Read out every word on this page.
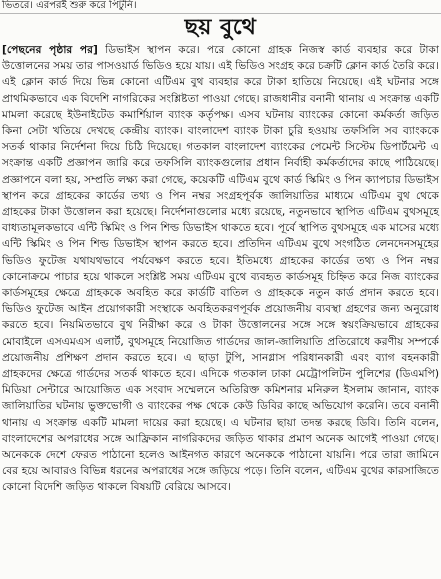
ভিতরে। এরপরই শুরু করে পিটুনি।
ছয় বুথে

[পেছনের পৃষ্ঠার পর] ডিভাইস স্থাপন করে। পরে কোনো গ্রাহক নিজস্ব কার্ড ব্যবহার করে টাকা উত্তোলনের সময় তার পাসওয়ার্ড ভিডিও হয়ে যায়। এই ভিডিও সংগ্রহ করে চক্রটি ক্লোন কার্ড তৈরি করে। এই ক্লোন কার্ড দিয়ে ভিন্ন কোনো এটিএম বুথ ব্যবহার করে টাকা হাতিয়ে নিয়েছে। এই ঘটনার সঙ্গে প্রাথমিকভাবে এক বিদেশি নাগরিকের সংশ্লিষ্টতা পাওয়া গেছে। রাজধানীর বনানী থানায় এ সংক্রান্ত একটি মামলা করেছে ইউনাইটেড কমার্শিয়াল ব্যাংক কর্তৃপক্ষ। এসব ঘটনায় ব্যাংকের কোনো কর্মকর্তা জড়িত কিনা সেটা খতিয়ে দেখছে কেন্দ্রীয় ব্যাংক। বাংলাদেশ ব্যাংক টাকা চুরি হওয়ায় তফসিলি সব ব্যাংককে সতর্ক থাকার নির্দেশনা দিয়ে চিঠি দিয়েছে। গতকাল বাংলাদেশ ব্যাংকের পেমেন্ট সিস্টেম ডিপার্টমেন্ট এ সংক্রান্ত একটি প্রজ্ঞাপন জারি করে তফসিলি ব্যাংকগুলোর প্রধান নির্বাহী কর্মকর্তাদের কাছে পাঠিয়েছে। প্রজ্ঞাপনে বলা হয়, সম্প্রতি লক্ষ্য করা গেছে, কয়েকটি এটিএম বুথে কার্ড স্কিমিং ও পিন ক্যাপচার ডিভাইস স্থাপন করে গ্রাহকের কার্ডের তথ্য ও পিন নম্বর সংগ্রহপূর্বক জালিয়াতির মাধ্যমে এটিএম বুথ থেকে গ্রাহকের টাকা উত্তোলন করা হয়েছে। নির্দেশনাগুলোর মধ্যে রয়েছে, নতুনভাবে স্থাপিত এটিএম বুথসমূহে বাধ্যতামূলকভাবে এন্টি স্কিমিং ও পিন শিল্ড ডিভাইস থাকতে হবে। পূর্বে স্থাপিত বুথসমূহে এক মাসের মধ্যে এন্টি স্কিমিং ও পিন শিল্ড ডিভাইস স্থাপন করতে হবে। প্রতিদিন এটিএম বুথে সংগঠিত লেনদেনসমূহের ভিডিও ফুটেজ যথাযথভাবে পর্যবেক্ষণ করতে হবে। ইতিমধ্যে গ্রাহকের কার্ডের তথ্য ও পিন নম্বর কোনোক্রমে পাচার হয়ে থাকলে সংশ্লিষ্ট সময় এটিএম বুথে ব্যবহৃত কার্ডসমূহ চিহ্নিত করে নিজ ব্যাংকের কার্ডসমূহের ক্ষেত্রে গ্রাহককে অবহিত করে কার্ডটি বাতিল ও গ্রাহককে নতুন কার্ড প্রদান করতে হবে। ভিডিও ফুটেজ আইন প্রয়োগকারী সংস্থাকে অবহিতকরণপূর্বক প্রয়োজনীয় ব্যবস্থা গ্রহণের জন্য অনুরোধ করতে হবে। নিয়মিতভাবে বুথ নিরীক্ষা করে ও টাকা উত্তোলনের সঙ্গে সঙ্গে স্বয়ংক্রিয়ভাবে গ্রাহকের মোবাইলে এসএমএস এলার্ট, বুথসমূহে নিয়োজিত গার্ডদের জাল-জালিয়াতি প্রতিরোধে করণীয় সম্পর্কে প্রয়োজনীয় প্রশিক্ষণ প্রদান করতে হবে। এ ছাড়া টুপি, সানগ্লাস পরিধানকারী এবং ব্যাগ বহনকারী গ্রাহকদের ক্ষেত্রে গার্ডদের সতর্ক থাকতে হবে। এদিকে গতকাল ঢাকা মেট্রোপলিটন পুলিশের (ডিএমপি) মিডিয়া সেন্টারে আয়োজিত এক সংবাদ সম্মেলনে অতিরিক্ত কমিশনার মনিরুল ইসলাম জানান, ব্যাংক জালিয়াতির ঘটনায় ভুক্তভোগী ও ব্যাংকের পক্ষ থেকে কেউ ডিবির কাছে অভিযোগ করেনি। তবে বনানী থানায় এ সংক্রান্ত একটি মামলা দায়ের করা হয়েছে। এ ঘটনার ছায়া তদন্ত করছে ডিবি। তিনি বলেন, বাংলাদেশের অপরাধের সঙ্গে আফ্রিকান নাগরিকদের জড়িত থাকার প্রমাণ অনেক আগেই পাওয়া গেছে। অনেককে দেশে ফেরত পাঠানো হলেও আইনগত কারণে অনেককে পাঠানো যায়নি। পরে তারা জামিনে বের হয়ে আবারও বিভিন্ন ধরনের অপরাধের সঙ্গে জড়িয়ে পড়ে। তিনি বলেন, এটিএম বুথের কারসাজিতে কোনো বিদেশি জড়িত থাকলে বিষয়টি বেরিয়ে আসবে।
